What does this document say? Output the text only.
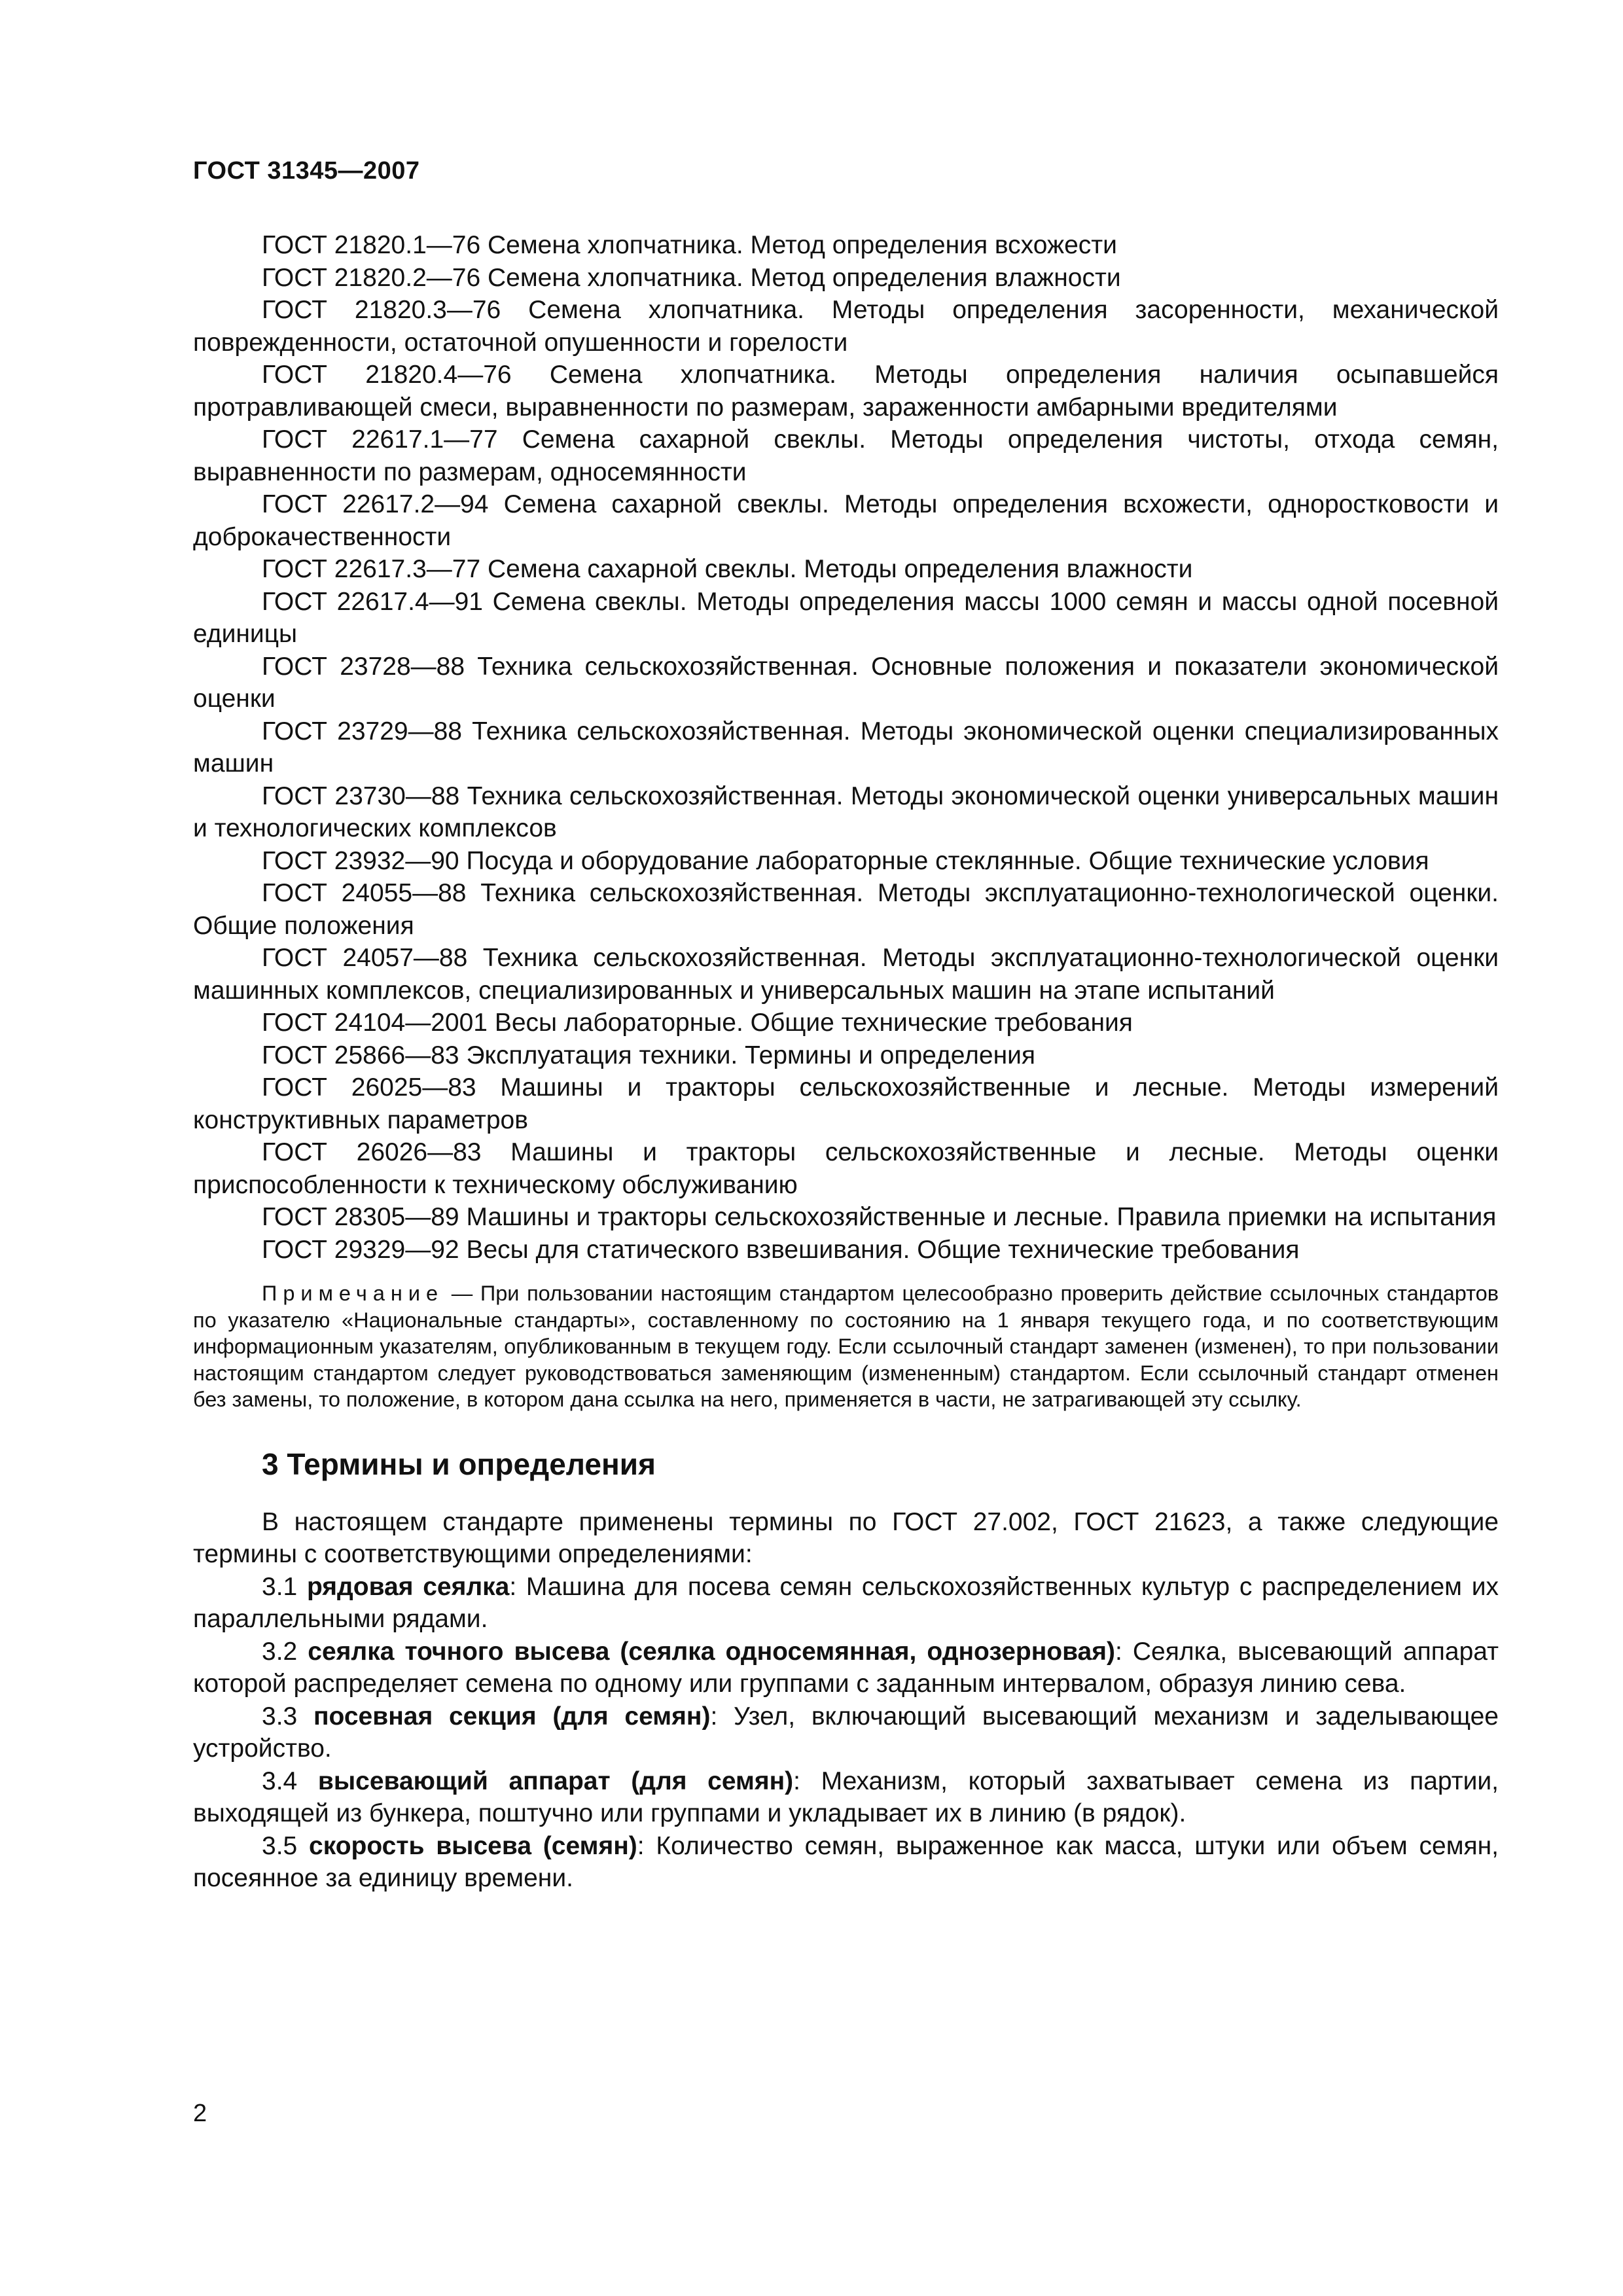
ГОСТ 31345—2007

ГОСТ 21820.1—76 Семена хлопчатника. Метод определения всхожести

ГОСТ 21820.2—76 Семена хлопчатника. Метод определения влажности

ГОСТ 21820.3—76 Семена хлопчатника. Методы определения засоренности, механической поврежденности, остаточной опушенности и горелости

ГОСТ 21820.4—76 Семена хлопчатника. Методы определения наличия осыпавшейся протравливающей смеси, выравненности по размерам, зараженности амбарными вредителями

ГОСТ 22617.1—77 Семена сахарной свеклы. Методы определения чистоты, отхода семян, выравненности по размерам, односемянности

ГОСТ 22617.2—94 Семена сахарной свеклы. Методы определения всхожести, одноростковости и доброкачественности

ГОСТ 22617.3—77 Семена сахарной свеклы. Методы определения влажности

ГОСТ 22617.4—91 Семена свеклы. Методы определения массы 1000 семян и массы одной посевной единицы

ГОСТ 23728—88 Техника сельскохозяйственная. Основные положения и показатели экономической оценки

ГОСТ 23729—88 Техника сельскохозяйственная. Методы экономической оценки специализированных машин

ГОСТ 23730—88 Техника сельскохозяйственная. Методы экономической оценки универсальных машин и технологических комплексов

ГОСТ 23932—90 Посуда и оборудование лабораторные стеклянные. Общие технические условия

ГОСТ 24055—88 Техника сельскохозяйственная. Методы эксплуатационно-технологической оценки. Общие положения

ГОСТ 24057—88 Техника сельскохозяйственная. Методы эксплуатационно-технологической оценки машинных комплексов, специализированных и универсальных машин на этапе испытаний

ГОСТ 24104—2001 Весы лабораторные. Общие технические требования

ГОСТ 25866—83 Эксплуатация техники. Термины и определения

ГОСТ 26025—83 Машины и тракторы сельскохозяйственные и лесные. Методы измерений конструктивных параметров

ГОСТ 26026—83 Машины и тракторы сельскохозяйственные и лесные. Методы оценки приспособленности к техническому обслуживанию

ГОСТ 28305—89 Машины и тракторы сельскохозяйственные и лесные. Правила приемки на испытания

ГОСТ 29329—92 Весы для статического взвешивания. Общие технические требования

Примечание — При пользовании настоящим стандартом целесообразно проверить действие ссылочных стандартов по указателю «Национальные стандарты», составленному по состоянию на 1 января текущего года, и по соответствующим информационным указателям, опубликованным в текущем году. Если ссылочный стандарт заменен (изменен), то при пользовании настоящим стандартом следует руководствоваться заменяющим (измененным) стандартом. Если ссылочный стандарт отменен без замены, то положение, в котором дана ссылка на него, применяется в части, не затрагивающей эту ссылку.

3 Термины и определения

В настоящем стандарте применены термины по ГОСТ 27.002, ГОСТ 21623, а также следующие термины с соответствующими определениями:

3.1 рядовая сеялка: Машина для посева семян сельскохозяйственных культур с распределением их параллельными рядами.

3.2 сеялка точного высева (сеялка односемянная, однозерновая): Сеялка, высевающий аппарат которой распределяет семена по одному или группами с заданным интервалом, образуя линию сева.

3.3 посевная секция (для семян): Узел, включающий высевающий механизм и заделывающее устройство.

3.4 высевающий аппарат (для семян): Механизм, который захватывает семена из партии, выходящей из бункера, поштучно или группами и укладывает их в линию (в рядок).

3.5 скорость высева (семян): Количество семян, выраженное как масса, штуки или объем семян, посеянное за единицу времени.

2
